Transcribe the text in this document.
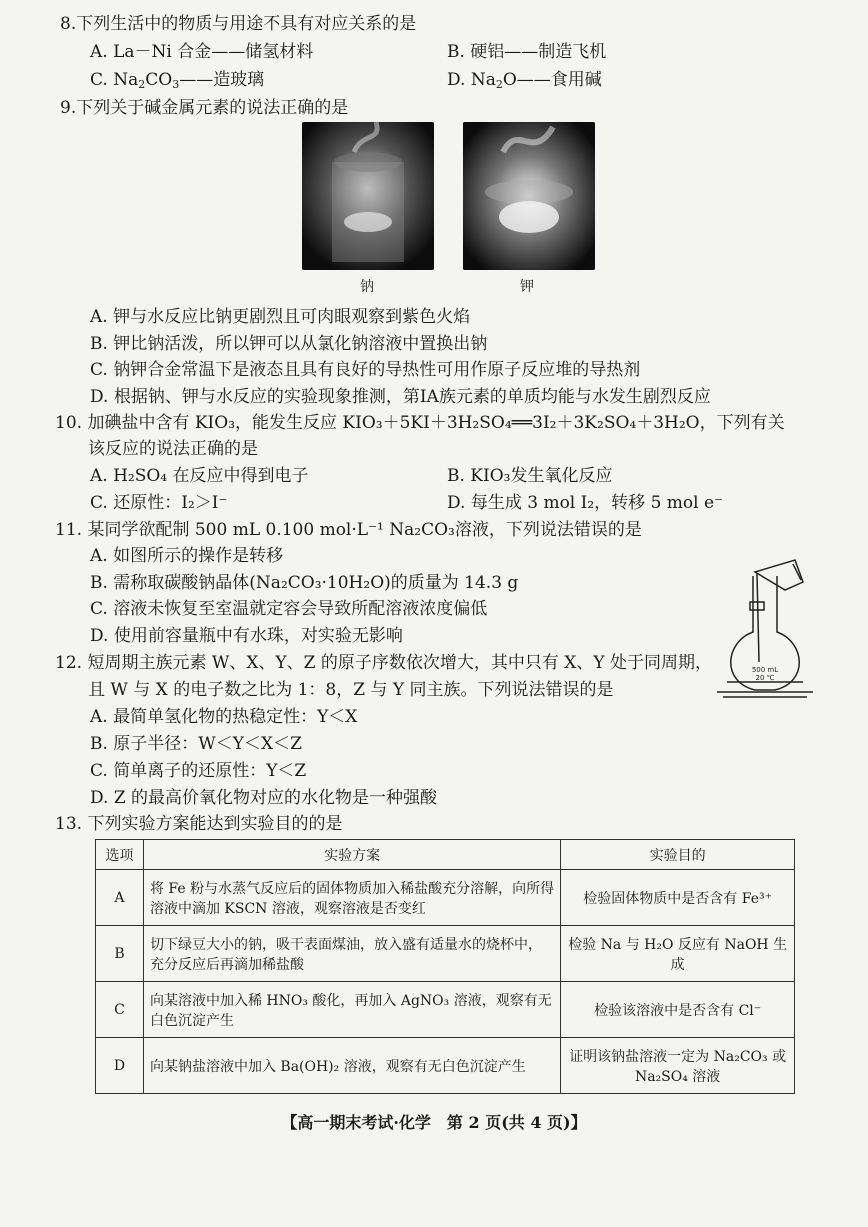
8.下列生活中的物质与用途不具有对应关系的是
A. La－Ni 合金——储氢材料	B. 硬铝——制造飞机
C. $Na_2CO_3——$造玻璃	D. $Na_2O——$食用碱
9.下列关于碱金属元素的说法正确的是
钠	钾
A. 钾与水反应比钠更剧烈且可肉眼观察到紫色火焰
B. 钾比钠活泼，所以钾可以从氯化钠溶液中置换出钠
C. 钠钾合金常温下是液态且具有良好的导热性可用作原子反应堆的导热剂
D. 根据钠、钾与水反应的实验现象推测，第ⅠA族元素的单质均能与水发生剧烈反应
10. 加碘盐中含有 KIO₃，能发生反应 KIO₃＋5KI＋3H₂SO₄══3I₂＋3K₂SO₄＋3H₂O，下列有关
该反应的说法正确的是
A. H₂SO₄ 在反应中得到电子	B. KIO₃发生氧化反应
C. 还原性：I₂＞I⁻	D. 每生成 3 mol I₂，转移 5 mol e⁻
11. 某同学欲配制 500 mL 0.100 mol·L⁻¹ Na₂CO₃溶液，下列说法错误的是
A. 如图所示的操作是转移
B. 需称取碳酸钠晶体(Na₂CO₃·10H₂O)的质量为 14.3 g
C. 溶液未恢复至室温就定容会导致所配溶液浓度偏低
D. 使用前容量瓶中有水珠，对实验无影响
500 mL
20 ℃
12. 短周期主族元素 W、X、Y、Z 的原子序数依次增大，其中只有 X、Y 处于同周期，
且 W 与 X 的电子数之比为 1：8，Z 与 Y 同主族。下列说法错误的是
A. 最简单氢化物的热稳定性：Y＜X
B. 原子半径：W＜Y＜X＜Z
C. 简单离子的还原性：Y＜Z
D. Z 的最高价氧化物对应的水化物是一种强酸
13. 下列实验方案能达到实验目的的是
选项	实验方案	实验目的
A	将 Fe 粉与水蒸气反应后的固体物质加入稀盐酸充分溶解，向所得溶液中滴加 KSCN 溶液，观察溶液是否变红	检验固体物质中是否含有 Fe³⁺
B	切下绿豆大小的钠，吸干表面煤油，放入盛有适量水的烧杯中，充分反应后再滴加稀盐酸	检验 Na 与 H₂O 反应有 NaOH 生成
C	向某溶液中加入稀 HNO₃ 酸化，再加入 AgNO₃ 溶液，观察有无白色沉淀产生	检验该溶液中是否含有 Cl⁻
D	向某钠盐溶液中加入 Ba(OH)₂ 溶液，观察有无白色沉淀产生	证明该钠盐溶液一定为 Na₂CO₃ 或 Na₂SO₄ 溶液
【高一期末考试·化学　第 2 页(共 4 页)】
